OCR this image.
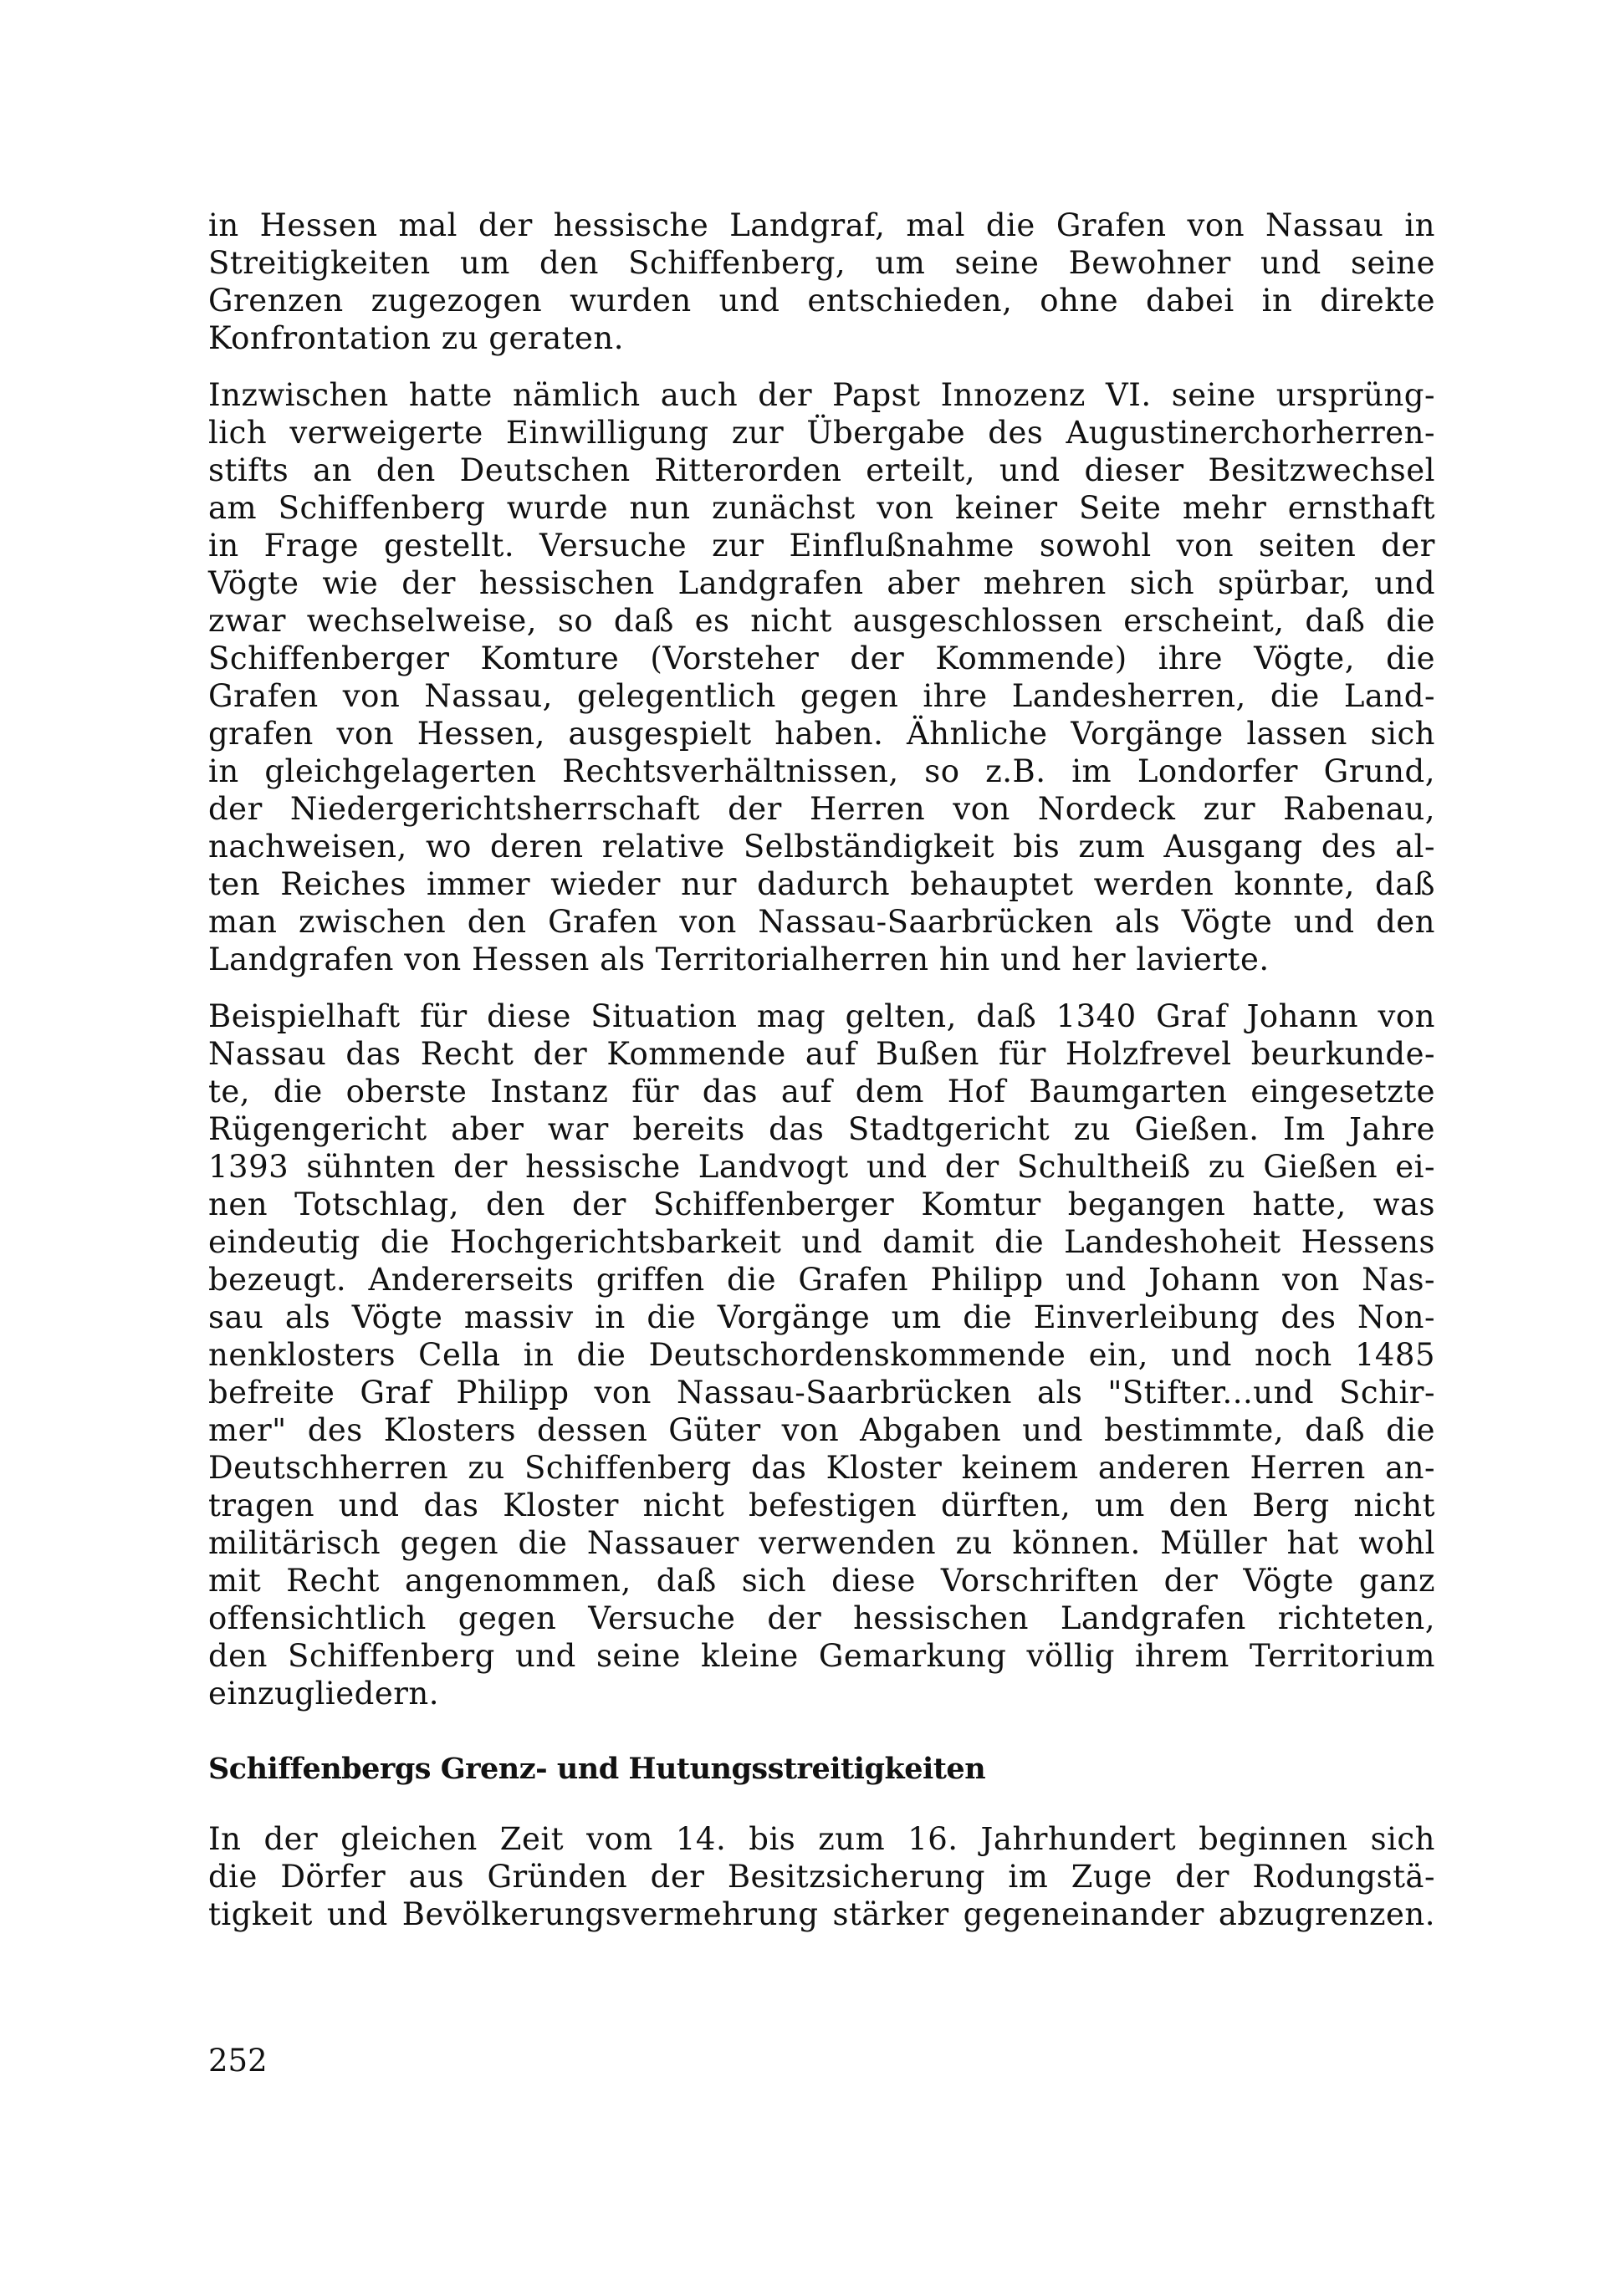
in Hessen mal der hessische Landgraf, mal die Grafen von Nassau in
Streitigkeiten um den Schiffenberg, um seine Bewohner und seine
Grenzen zugezogen wurden und entschieden, ohne dabei in direkte
Konfrontation zu geraten.
Inzwischen hatte nämlich auch der Papst Innozenz VI. seine ursprüng-
lich verweigerte Einwilligung zur Übergabe des Augustinerchorherren-
stifts an den Deutschen Ritterorden erteilt, und dieser Besitzwechsel
am Schiffenberg wurde nun zunächst von keiner Seite mehr ernsthaft
in Frage gestellt. Versuche zur Einflußnahme sowohl von seiten der
Vögte wie der hessischen Landgrafen aber mehren sich spürbar, und
zwar wechselweise, so daß es nicht ausgeschlossen erscheint, daß die
Schiffenberger Komture (Vorsteher der Kommende) ihre Vögte, die
Grafen von Nassau, gelegentlich gegen ihre Landesherren, die Land-
grafen von Hessen, ausgespielt haben. Ähnliche Vorgänge lassen sich
in gleichgelagerten Rechtsverhältnissen, so z.B. im Londorfer Grund,
der Niedergerichtsherrschaft der Herren von Nordeck zur Rabenau,
nachweisen, wo deren relative Selbständigkeit bis zum Ausgang des al-
ten Reiches immer wieder nur dadurch behauptet werden konnte, daß
man zwischen den Grafen von Nassau-Saarbrücken als Vögte und den
Landgrafen von Hessen als Territorialherren hin und her lavierte.
Beispielhaft für diese Situation mag gelten, daß 1340 Graf Johann von
Nassau das Recht der Kommende auf Bußen für Holzfrevel beurkunde-
te, die oberste Instanz für das auf dem Hof Baumgarten eingesetzte
Rügengericht aber war bereits das Stadtgericht zu Gießen. Im Jahre
1393 sühnten der hessische Landvogt und der Schultheiß zu Gießen ei-
nen Totschlag, den der Schiffenberger Komtur begangen hatte, was
eindeutig die Hochgerichtsbarkeit und damit die Landeshoheit Hessens
bezeugt. Andererseits griffen die Grafen Philipp und Johann von Nas-
sau als Vögte massiv in die Vorgänge um die Einverleibung des Non-
nenklosters Cella in die Deutschordenskommende ein, und noch 1485
befreite Graf Philipp von Nassau-Saarbrücken als "Stifter...und Schir-
mer" des Klosters dessen Güter von Abgaben und bestimmte, daß die
Deutschherren zu Schiffenberg das Kloster keinem anderen Herren an-
tragen und das Kloster nicht befestigen dürften, um den Berg nicht
militärisch gegen die Nassauer verwenden zu können. Müller hat wohl
mit Recht angenommen, daß sich diese Vorschriften der Vögte ganz
offensichtlich gegen Versuche der hessischen Landgrafen richteten,
den Schiffenberg und seine kleine Gemarkung völlig ihrem Territorium
einzugliedern.
Schiffenbergs Grenz- und Hutungsstreitigkeiten
In der gleichen Zeit vom 14. bis zum 16. Jahrhundert beginnen sich
die Dörfer aus Gründen der Besitzsicherung im Zuge der Rodungstä-
tigkeit und Bevölkerungsvermehrung stärker gegeneinander abzugrenzen.
252
